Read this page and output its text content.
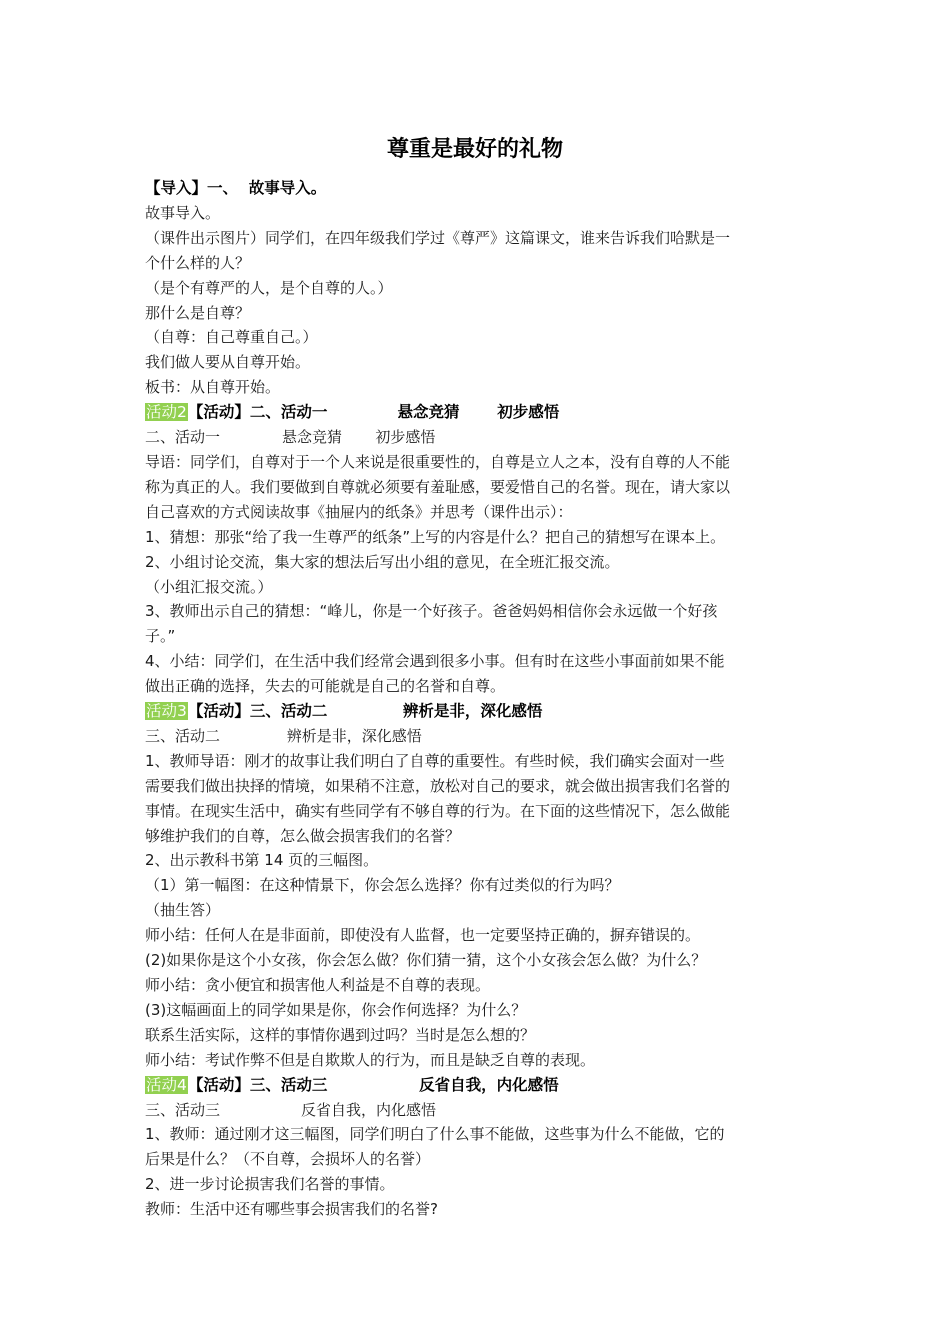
尊重是最好的礼物
【导入】一、  故事导入。
故事导入。
（课件出示图片）同学们，在四年级我们学过《尊严》这篇课文，谁来告诉我们哈默是一
个什么样的人？
（是个有尊严的人，是个自尊的人。）
那什么是自尊？
（自尊：自己尊重自己。）
我们做人要从自尊开始。
板书：从自尊开始。
活动2【活动】二、活动一             悬念竞猜       初步感悟
二、活动一             悬念竞猜       初步感悟
导语：同学们，自尊对于一个人来说是很重要性的，自尊是立人之本，没有自尊的人不能
称为真正的人。我们要做到自尊就必须要有羞耻感，要爱惜自己的名誉。现在，请大家以
自己喜欢的方式阅读故事《抽屉内的纸条》并思考（课件出示）：
1、猜想：那张“给了我一生尊严的纸条”上写的内容是什么？把自己的猜想写在课本上。
2、小组讨论交流，集大家的想法后写出小组的意见，在全班汇报交流。
（小组汇报交流。）
3、教师出示自己的猜想：“峰儿，你是一个好孩子。爸爸妈妈相信你会永远做一个好孩
子。”
4、小结：同学们，在生活中我们经常会遇到很多小事。但有时在这些小事面前如果不能
做出正确的选择，失去的可能就是自己的名誉和自尊。
活动3【活动】三、活动二              辨析是非，深化感悟
三、活动二              辨析是非，深化感悟
1、教师导语：刚才的故事让我们明白了自尊的重要性。有些时候，我们确实会面对一些
需要我们做出抉择的情境，如果稍不注意，放松对自己的要求，就会做出损害我们名誉的
事情。在现实生活中，确实有些同学有不够自尊的行为。在下面的这些情况下，怎么做能
够维护我们的自尊，怎么做会损害我们的名誉？
2、出示教科书第 14 页的三幅图。
（1）第一幅图：在这种情景下，你会怎么选择？你有过类似的行为吗？
（抽生答）
师小结：任何人在是非面前，即使没有人监督，也一定要坚持正确的，摒弃错误的。
(2)如果你是这个小女孩，你会怎么做？你们猜一猜，这个小女孩会怎么做？为什么？
师小结：贪小便宜和损害他人利益是不自尊的表现。
(3)这幅画面上的同学如果是你，你会作何选择？为什么？
联系生活实际，这样的事情你遇到过吗？当时是怎么想的？
师小结：考试作弊不但是自欺欺人的行为，而且是缺乏自尊的表现。
活动4【活动】三、活动三                 反省自我，内化感悟
三、活动三                 反省自我，内化感悟
1、教师：通过刚才这三幅图，同学们明白了什么事不能做，这些事为什么不能做，它的
后果是什么？（不自尊，会损坏人的名誉）
2、进一步讨论损害我们名誉的事情。
教师：生活中还有哪些事会损害我们的名誉?
